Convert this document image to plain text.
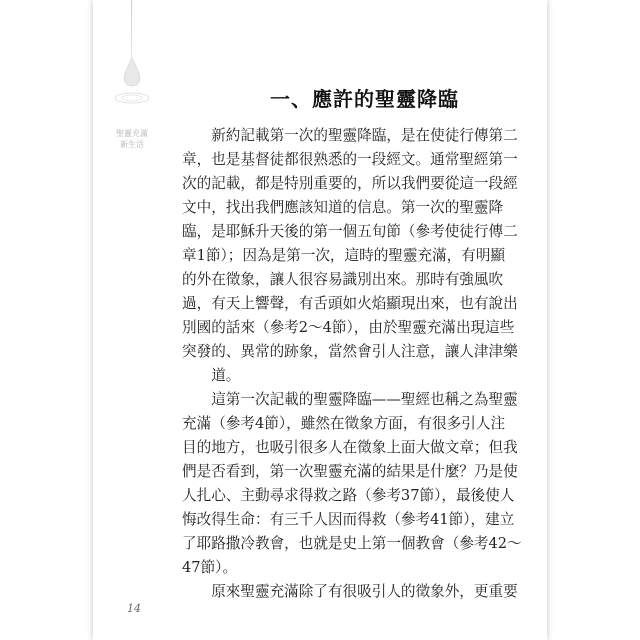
聖靈充滿
新生活
一、應許的聖靈降臨

新約記載第一次的聖靈降臨，是在使徒行傳第二
章，也是基督徒都很熟悉的一段經文。通常聖經第一
次的記載，都是特別重要的，所以我們要從這一段經
文中，找出我們應該知道的信息。第一次的聖靈降
臨，是耶穌升天後的第一個五旬節（參考使徒行傳二
章1節）；因為是第一次，這時的聖靈充滿，有明顯
的外在徵象，讓人很容易識別出來。那時有強風吹
過，有天上響聲，有舌頭如火焰顯現出來，也有說出
別國的話來（參考2～4節），由於聖靈充滿出現這些
突發的、異常的跡象，當然會引人注意，讓人津津樂
道。

這第一次記載的聖靈降臨——聖經也稱之為聖靈
充滿（參考4節），雖然在徵象方面，有很多引人注
目的地方，也吸引很多人在徵象上面大做文章；但我
們是否看到，第一次聖靈充滿的結果是什麼？乃是使
人扎心、主動尋求得救之路（參考37節），最後使人
悔改得生命：有三千人因而得救（參考41節），建立
了耶路撒冷教會，也就是史上第一個教會（參考42～
47節）。

原來聖靈充滿除了有很吸引人的徵象外，更重要

14
